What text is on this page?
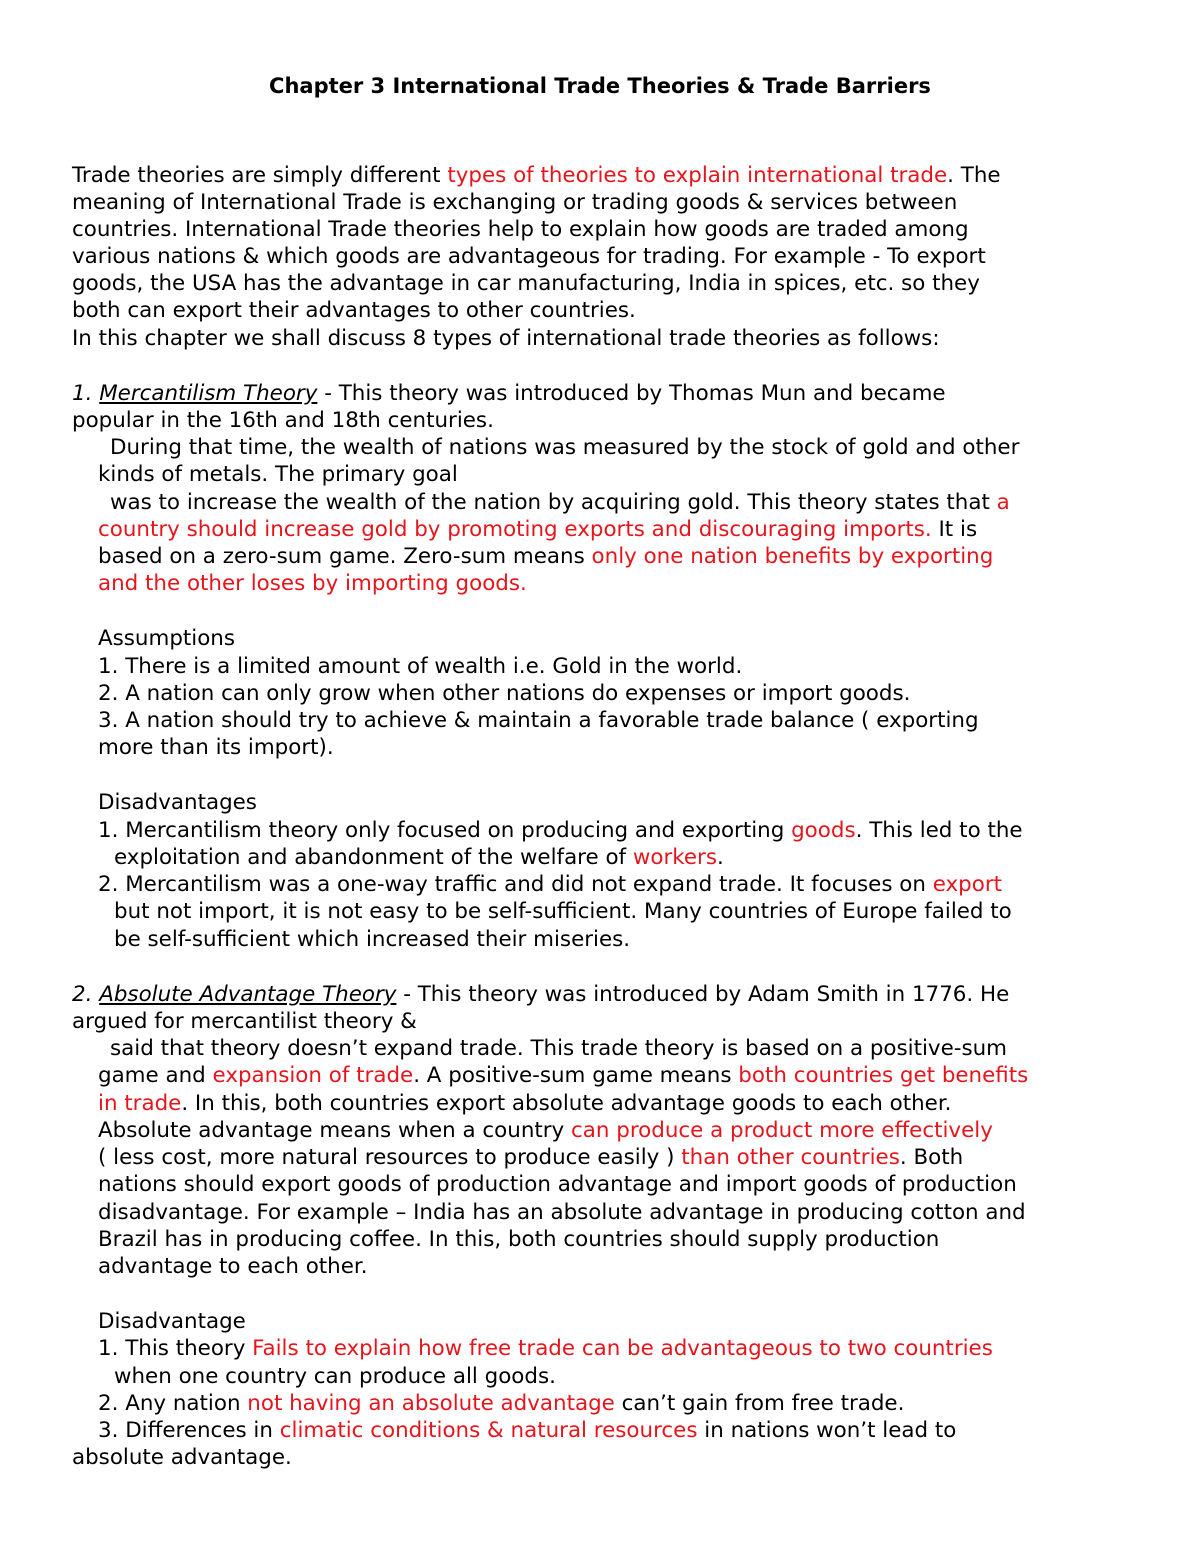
Chapter 3 International Trade Theories & Trade Barriers
Trade theories are simply different types of theories to explain international trade. The
meaning of International Trade is exchanging or trading goods & services between
countries. International Trade theories help to explain how goods are traded among
various nations & which goods are advantageous for trading. For example - To export
goods, the USA has the advantage in car manufacturing, India in spices, etc. so they
both can export their advantages to other countries.
In this chapter we shall discuss 8 types of international trade theories as follows:
1. Mercantilism Theory - This theory was introduced by Thomas Mun and became
popular in the 16th and 18th centuries.
During that time, the wealth of nations was measured by the stock of gold and other
kinds of metals. The primary goal
was to increase the wealth of the nation by acquiring gold. This theory states that a
country should increase gold by promoting exports and discouraging imports. It is
based on a zero-sum game. Zero-sum means only one nation benefits by exporting
and the other loses by importing goods.
Assumptions
1. There is a limited amount of wealth i.e. Gold in the world.
2. A nation can only grow when other nations do expenses or import goods.
3. A nation should try to achieve & maintain a favorable trade balance ( exporting
more than its import).
Disadvantages
1. Mercantilism theory only focused on producing and exporting goods. This led to the
exploitation and abandonment of the welfare of workers.
2. Mercantilism was a one-way traffic and did not expand trade. It focuses on export
but not import, it is not easy to be self-sufficient. Many countries of Europe failed to
be self-sufficient which increased their miseries.
2. Absolute Advantage Theory - This theory was introduced by Adam Smith in 1776. He
argued for mercantilist theory &
said that theory doesn’t expand trade. This trade theory is based on a positive-sum
game and expansion of trade. A positive-sum game means both countries get benefits
in trade. In this, both countries export absolute advantage goods to each other.
Absolute advantage means when a country can produce a product more effectively
( less cost, more natural resources to produce easily ) than other countries. Both
nations should export goods of production advantage and import goods of production
disadvantage. For example – India has an absolute advantage in producing cotton and
Brazil has in producing coffee. In this, both countries should supply production
advantage to each other.
Disadvantage
1. This theory Fails to explain how free trade can be advantageous to two countries
when one country can produce all goods.
2. Any nation not having an absolute advantage can’t gain from free trade.
3. Differences in climatic conditions & natural resources in nations won’t lead to
absolute advantage.
